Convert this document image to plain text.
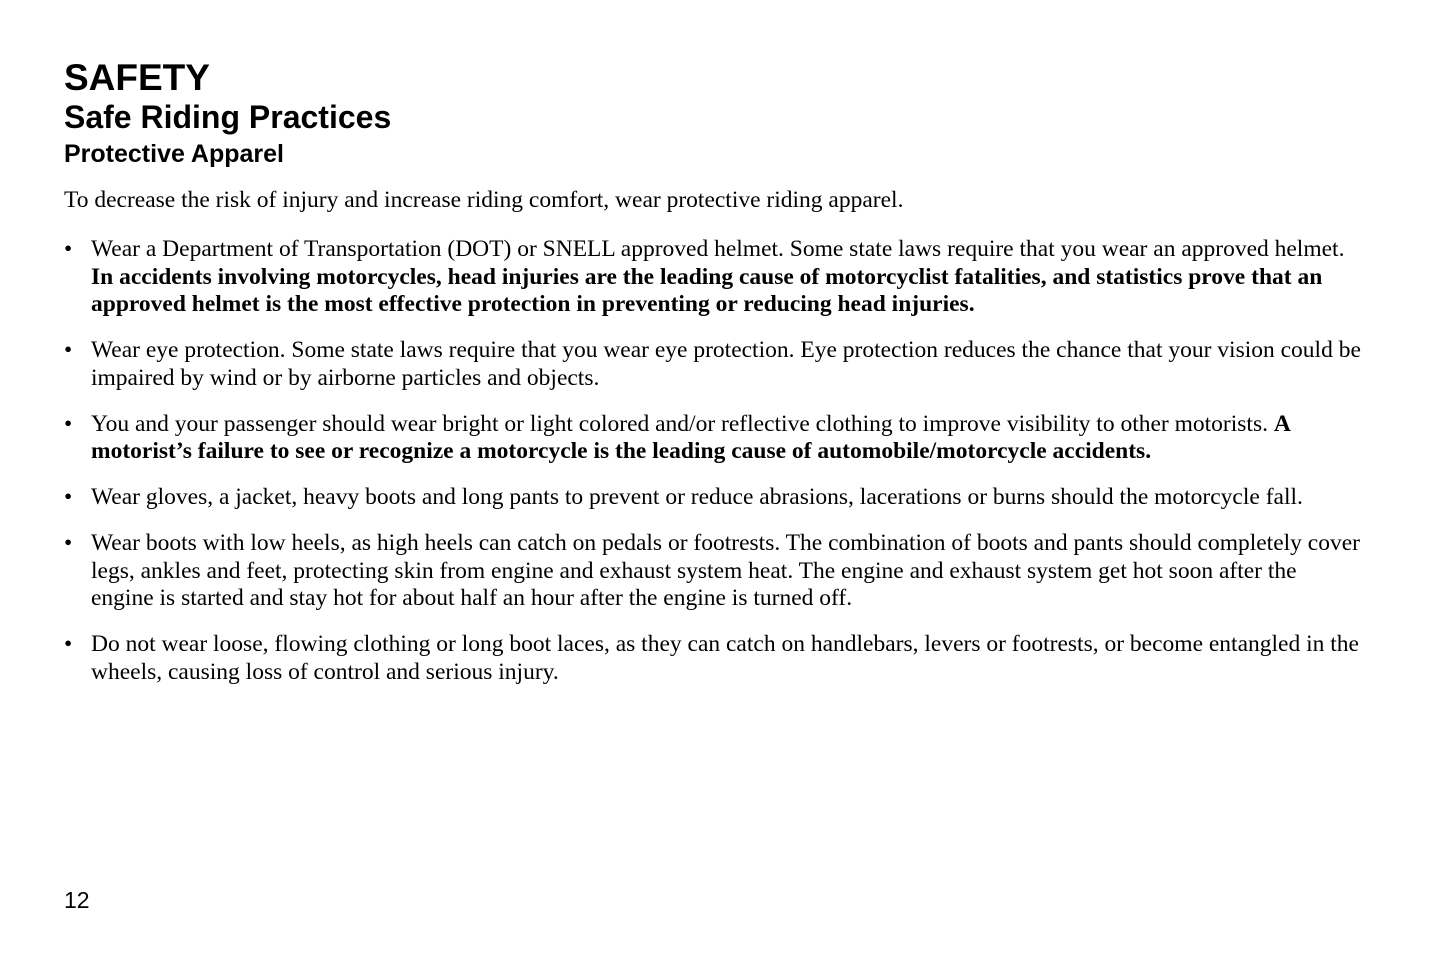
SAFETY
Safe Riding Practices
Protective Apparel

To decrease the risk of injury and increase riding comfort, wear protective riding apparel.

• Wear a Department of Transportation (DOT) or SNELL approved helmet. Some state laws require that you wear an approved helmet. In accidents involving motorcycles, head injuries are the leading cause of motorcyclist fatalities, and statistics prove that an approved helmet is the most effective protection in preventing or reducing head injuries.
• Wear eye protection. Some state laws require that you wear eye protection. Eye protection reduces the chance that your vision could be impaired by wind or by airborne particles and objects.
• You and your passenger should wear bright or light colored and/or reflective clothing to improve visibility to other motorists. A motorist’s failure to see or recognize a motorcycle is the leading cause of automobile/motorcycle accidents.
• Wear gloves, a jacket, heavy boots and long pants to prevent or reduce abrasions, lacerations or burns should the motorcycle fall.
• Wear boots with low heels, as high heels can catch on pedals or footrests. The combination of boots and pants should completely cover legs, ankles and feet, protecting skin from engine and exhaust system heat. The engine and exhaust system get hot soon after the engine is started and stay hot for about half an hour after the engine is turned off.
• Do not wear loose, flowing clothing or long boot laces, as they can catch on handlebars, levers or footrests, or become entangled in the wheels, causing loss of control and serious injury.
12
